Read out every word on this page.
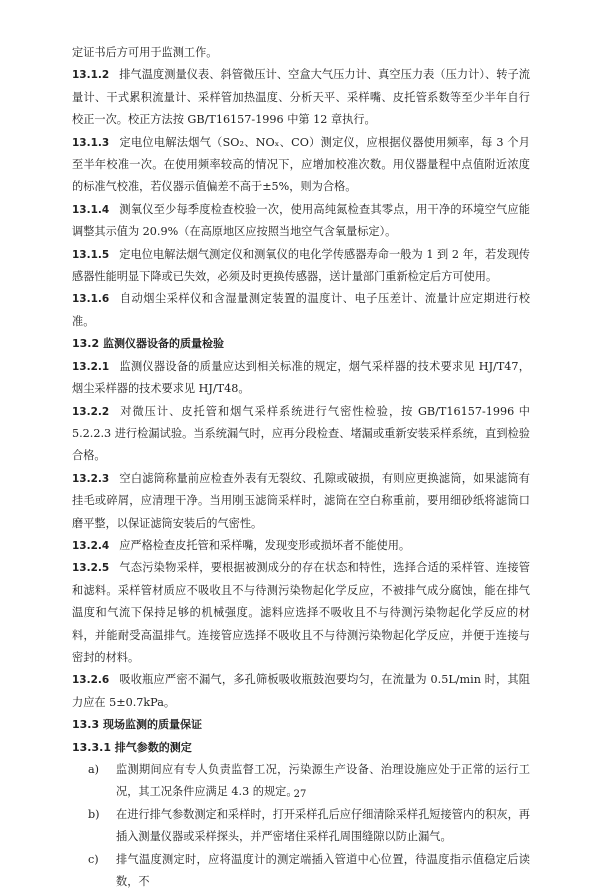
定证书后方可用于监测工作。

13.1.2 排气温度测量仪表、斜管微压计、空盒大气压力计、真空压力表（压力计）、转子流量计、干式累积流量计、采样管加热温度、分析天平、采样嘴、皮托管系数等至少半年自行校正一次。校正方法按 GB/T16157-1996 中第 12 章执行。
13.1.3 定电位电解法烟气（SO₂、NOₓ、CO）测定仪，应根据仪器使用频率，每 3 个月至半年校准一次。在使用频率较高的情况下，应增加校准次数。用仪器量程中点值附近浓度的标准气校准，若仪器示值偏差不高于±5%，则为合格。
13.1.4 测氧仪至少每季度检查校验一次，使用高纯氮检查其零点，用干净的环境空气应能调整其示值为 20.9%（在高原地区应按照当地空气含氧量标定）。
13.1.5 定电位电解法烟气测定仪和测氧仪的电化学传感器寿命一般为 1 到 2 年，若发现传感器性能明显下降或已失效，必须及时更换传感器，送计量部门重新检定后方可使用。
13.1.6 自动烟尘采样仪和含湿量测定装置的温度计、电子压差计、流量计应定期进行校准。

13.2 监测仪器设备的质量检验

13.2.1 监测仪器设备的质量应达到相关标准的规定，烟气采样器的技术要求见 HJ/T47，烟尘采样器的技术要求见 HJ/T48。
13.2.2 对微压计、皮托管和烟气采样系统进行气密性检验，按 GB/T16157-1996 中 5.2.2.3 进行检漏试验。当系统漏气时，应再分段检查、堵漏或重新安装采样系统，直到检验合格。
13.2.3 空白滤筒称量前应检查外表有无裂纹、孔隙或破损，有则应更换滤筒，如果滤筒有挂毛或碎屑，应清理干净。当用刚玉滤筒采样时，滤筒在空白称重前，要用细砂纸将滤筒口磨平整，以保证滤筒安装后的气密性。
13.2.4 应严格检查皮托管和采样嘴，发现变形或损坏者不能使用。
13.2.5 气态污染物采样，要根据被测成分的存在状态和特性，选择合适的采样管、连接管和滤料。采样管材质应不吸收且不与待测污染物起化学反应，不被排气成分腐蚀，能在排气温度和气流下保持足够的机械强度。滤料应选择不吸收且不与待测污染物起化学反应的材料，并能耐受高温排气。连接管应选择不吸收且不与待测污染物起化学反应，并便于连接与密封的材料。
13.2.6 吸收瓶应严密不漏气，多孔筛板吸收瓶鼓泡要均匀，在流量为 0.5L/min 时，其阻力应在 5±0.7kPa。

13.3 现场监测的质量保证

13.3.1 排气参数的测定

a) 监测期间应有专人负责监督工况，污染源生产设备、治理设施应处于正常的运行工况，其工况条件应满足 4.3 的规定。
b) 在进行排气参数测定和采样时，打开采样孔后应仔细清除采样孔短接管内的积灰，再插入测量仪器或采样探头，并严密堵住采样孔周围缝隙以防止漏气。
c) 排气温度测定时，应将温度计的测定端插入管道中心位置，待温度指示值稳定后读数，不
27
